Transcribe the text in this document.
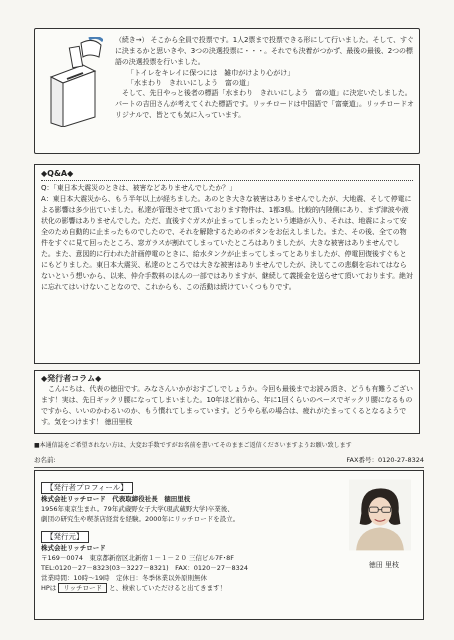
（続き→） そこから全員で投票です。1人2票まで投票できる形にして行いました。そして、すぐに決まるかと思いきや、3つの決選投票に・・・。それでも決着がつかず、最後の最後、2つの標語の決選投票を行いました。

「トイレをキレイに保つには　雑巾がけより心がけ」

「水まわり　きれいにしよう　富の道」

そして、先日やっと後者の標語「水まわり　きれいにしよう　富の道」に決定いたしました。パートの吉田さんが考えてくれた標語です。リッチロードは中国語で「富豪道」。リッチロードオリジナルで、皆とても気に入っています。

◆Q&A◆

Q：「東日本大震災のときは、被害などありませんでしたか？」

A：東日本大震災から、もう半年以上が経ちました。あのとき大きな被害はありませんでしたが、大地震、そして停電による影響は多少出ていました。私達が管理させて頂いております物件は、1都3県。比較的内陸側にあり、まず津波や液状化の影響はありませんでした。ただ、直後すぐガスが止まってしまったという連絡が入り、それは、地震によって安全のため自動的に止まったものでしたので、それを解除するためのボタンをお伝えしました。また、その後、全ての物件をすぐに見て回ったところ、窓ガラスが割れてしまっていたところはありましたが、大きな被害はありませんでした。また、意図的に行われた計画停電のときに、給水タンクが止まってしまってとありましたが、停電回復後すぐもとにもどりました。東日本大震災、私達のところでは大きな被害はありませんでしたが、決してこの悲劇を忘れてはならないという想いから、以来、仲介手数料のほんの一部ではありますが、継続して義援金を送らせて頂いております。絶対に忘れてはいけないことなので、これからも、この活動は続けていくつもりです。

◆発行者コラム◆

こんにちは、代表の徳田です。みなさんいかがおすごしでしょうか。今回も最後までお読み頂き、どうも有難うございます！実は、先日ギックリ腰になってしまいました。10年ほど前から、年に1回くらいのペースでギックリ腰になるものですから、いいのかわるいのか、もう慣れてしまっています。どうやら私の場合は、疲れがたまってくるとなるようです。気をつけます！ 徳田里枝

■本通信誌をご希望されない方は、大変お手数ですがお名前を書いてそのままご返信くださいますようお願い致します
お名前:	FAX番号：0120-27-8324
【発行者プロフィール】

株式会社リッチロード　代表取締役社長　徳田里枝

1956年東京生まれ。79年武蔵野女子大学(現武蔵野大学)卒業後、

劇団の研究生や喫茶店経営を経験。2000年にリッチロードを設立。

【発行元】

株式会社リッチロード

〒169－0074　東京都新宿区北新宿１－１－２０ 三信ビル7F･8F

TEL:0120－27－8323(03－3227－8321)　FAX：0120－27－8324

営業時間：10時～19時　定休日：冬季休業以外原則無休

HPは リッチロード と、検索していただけると出てきます！

徳田 里枝
